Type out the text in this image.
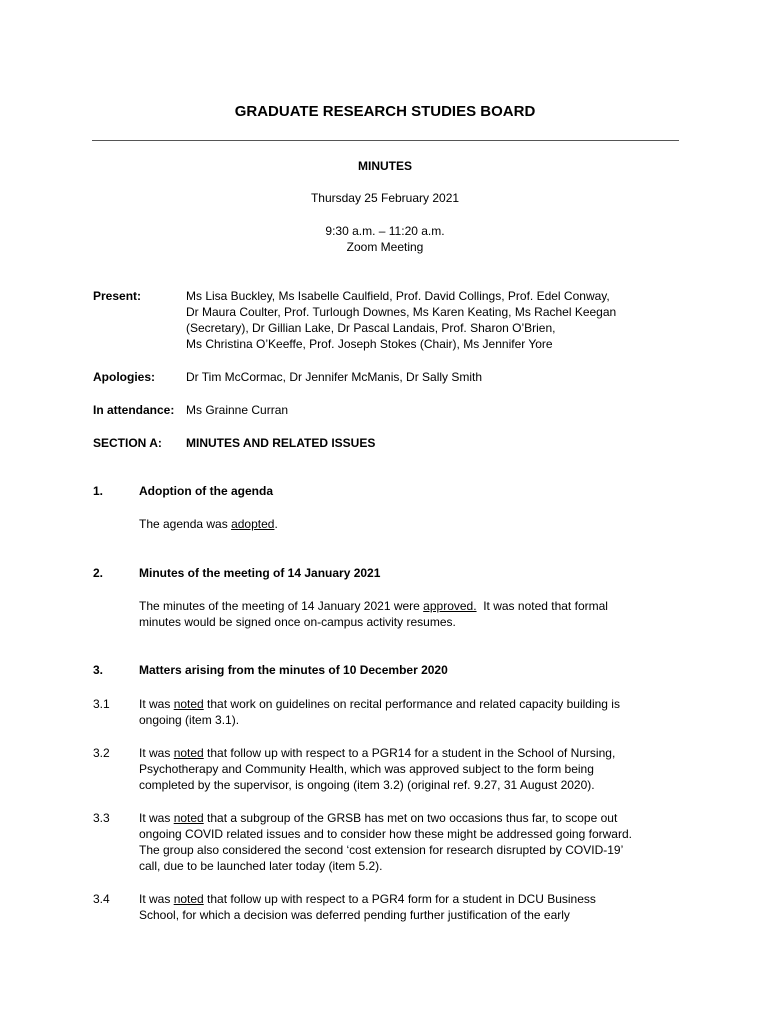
GRADUATE RESEARCH STUDIES BOARD
MINUTES
Thursday 25 February 2021
9:30 a.m. – 11:20 a.m.
Zoom Meeting
Present:	Ms Lisa Buckley, Ms Isabelle Caulfield, Prof. David Collings, Prof. Edel Conway,
Dr Maura Coulter, Prof. Turlough Downes, Ms Karen Keating, Ms Rachel Keegan
(Secretary), Dr Gillian Lake, Dr Pascal Landais, Prof. Sharon O’Brien,
Ms Christina O’Keeffe, Prof. Joseph Stokes (Chair), Ms Jennifer Yore
Apologies:	Dr Tim McCormac, Dr Jennifer McManis, Dr Sally Smith
In attendance: Ms Grainne Curran
SECTION A: MINUTES AND RELATED ISSUES
1.	Adoption of the agenda
The agenda was adopted.
2.	Minutes of the meeting of 14 January 2021
The minutes of the meeting of 14 January 2021 were approved.  It was noted that formal
minutes would be signed once on-campus activity resumes.
3.	Matters arising from the minutes of 10 December 2020
3.1 It was noted that work on guidelines on recital performance and related capacity building is
ongoing (item 3.1).
3.2 It was noted that follow up with respect to a PGR14 for a student in the School of Nursing,
Psychotherapy and Community Health, which was approved subject to the form being
completed by the supervisor, is ongoing (item 3.2) (original ref. 9.27, 31 August 2020).
3.3 It was noted that a subgroup of the GRSB has met on two occasions thus far, to scope out
ongoing COVID related issues and to consider how these might be addressed going forward.
The group also considered the second ‘cost extension for research disrupted by COVID-19’
call, due to be launched later today (item 5.2).
3.4 It was noted that follow up with respect to a PGR4 form for a student in DCU Business
School, for which a decision was deferred pending further justification of the early
